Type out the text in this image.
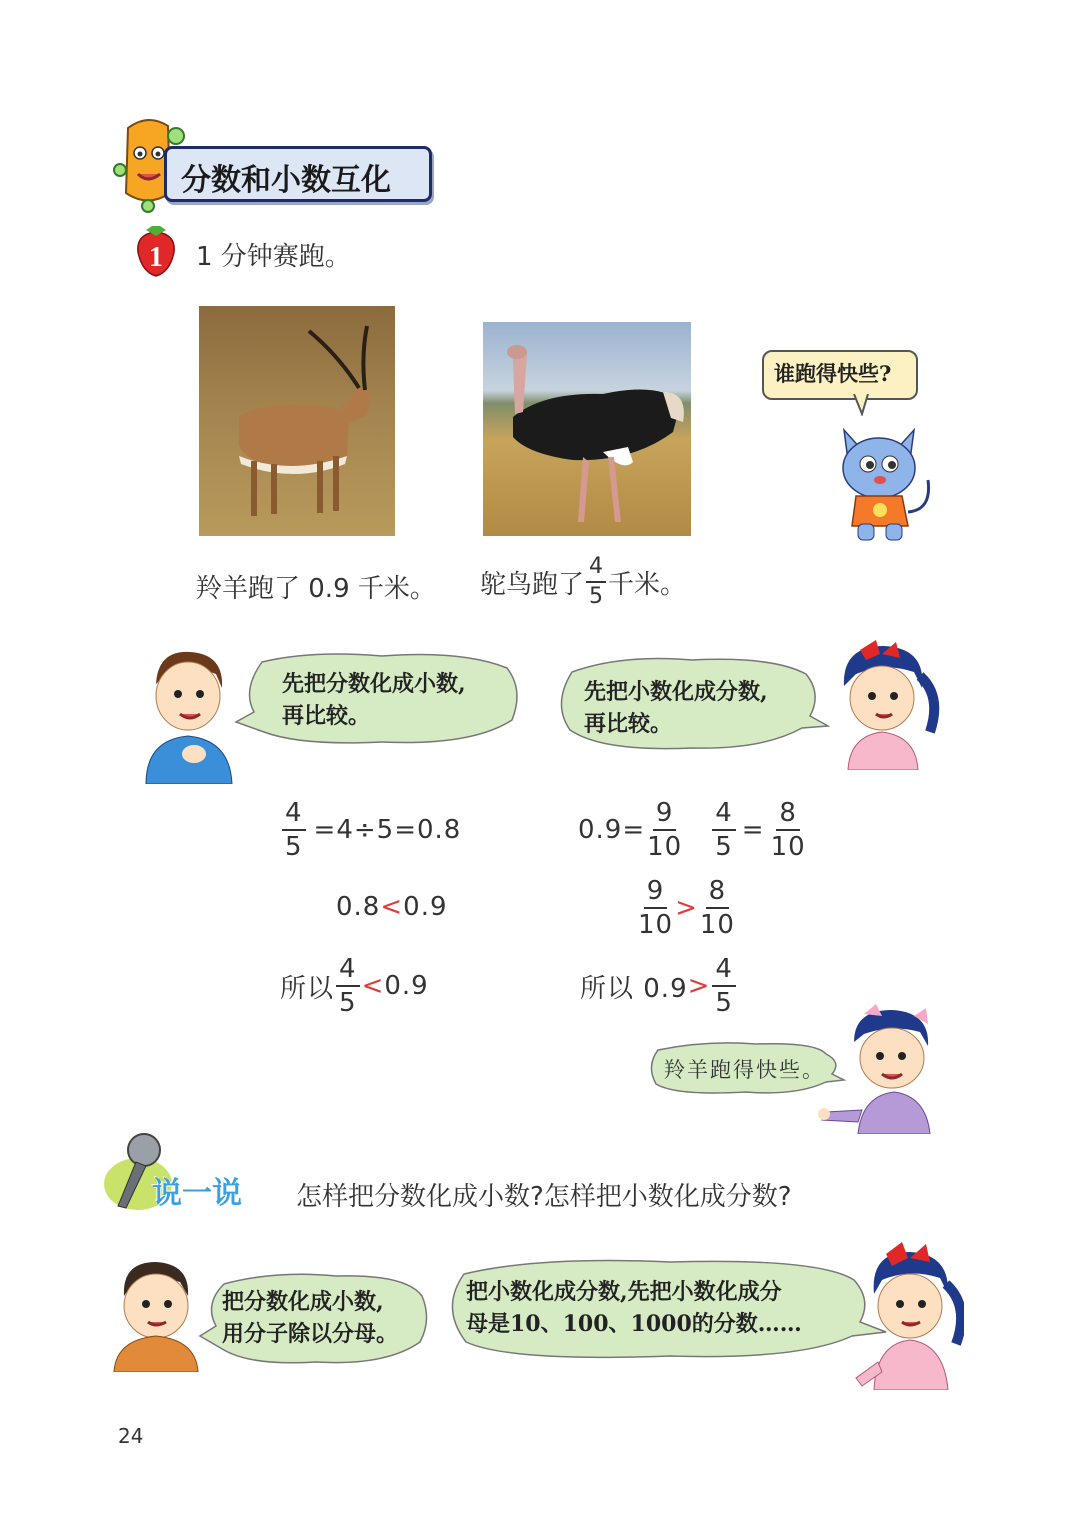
分数和小数互化
1 1 分钟赛跑。
谁跑得快些?
羚羊跑了 0.9 千米。 鸵鸟跑了 $\frac{4}{5}$ 千米。
先把分数化成小数,
再比较。
先把小数化成分数,
再比较。
$\frac{4}{5} =4\div 5=0.8$
0.8<0.9
所以 $\frac{4}{5} < 0.9$
$0.9= \frac{9}{10} \frac{4}{5} = \frac{8}{10}$
$\frac{9}{10} > \frac{8}{10}$
所以 $0.9 > \frac{4}{5}$
羚羊跑得快些。
说一说 怎样把分数化成小数?怎样把小数化成分数?
把分数化成小数,
用分子除以分母。
把小数化成分数,先把小数化成分
母是10、100、1000的分数……
24
